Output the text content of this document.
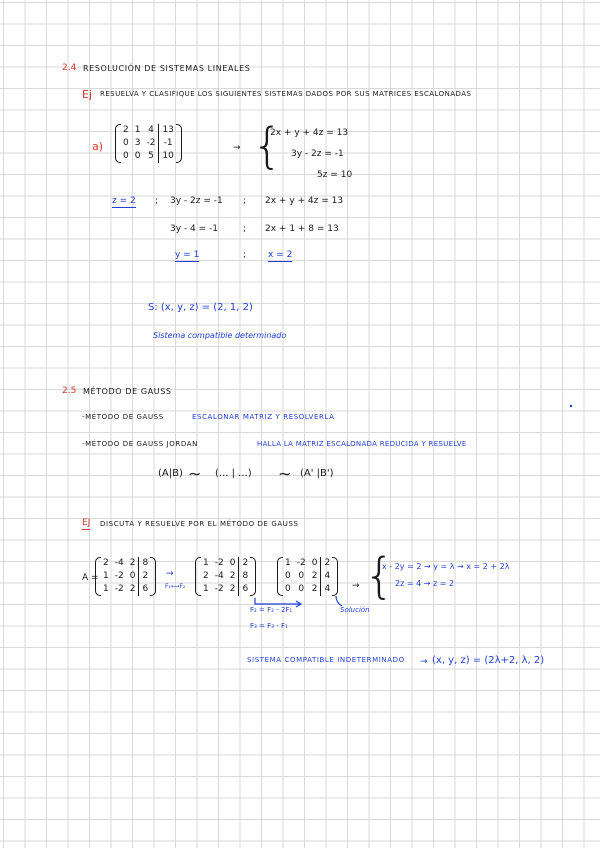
2.4 RESOLUCIÓN DE SISTEMAS LINEALES
Ej RESUELVA Y CLASIFIQUE LOS SIGUIENTES SISTEMAS DADOS POR SUS MATRICES ESCALONADAS
a)
2	1	4	13
0	3	-2	-1
0	0	5	10
→ {
2x + y + 4z = 13
3y - 2z = -1
5z = 10
z = 2 ; 3y - 2z = -1 ; 2x + y + 4z = 13
3y - 4 = -1	; 2x + 1 + 8 = 13
y = 1	; x = 2
S: (x, y, z) = (2, 1, 2)
Sistema compatible determinado
2.5 MÉTODO DE GAUSS
-MÉTODO DE GAUSS	ESCALONAR MATRIZ Y RESOLVERLA
-MÉTODO DE GAUSS JORDAN	HALLA LA MATRIZ ESCALONADA REDUCIDA Y RESUELVE
(A|B) ∼ (... | ...) ∼ (A' |B')
EJ DISCUTA Y RESUELVE POR EL MÉTODO DE GAUSS
A =
2	-4	2	8
1	-2	0	2
1	-2	2	6
→
F₁⟷F₂
1	-2	0	2
2	-4	2	8
1	-2	2	6
1	-2	0	2
0	0	2	4
0	0	2	4 → {
x - 2y = 2 → y = λ → x = 2 + 2λ
2z = 4 → z = 2
Solución
F₂ = F₂ - 2F₁
F₃ = F₃ - F₁
SISTEMA COMPATIBLE INDETERMINADO → (x, y, z) = (2λ+2, λ, 2)
